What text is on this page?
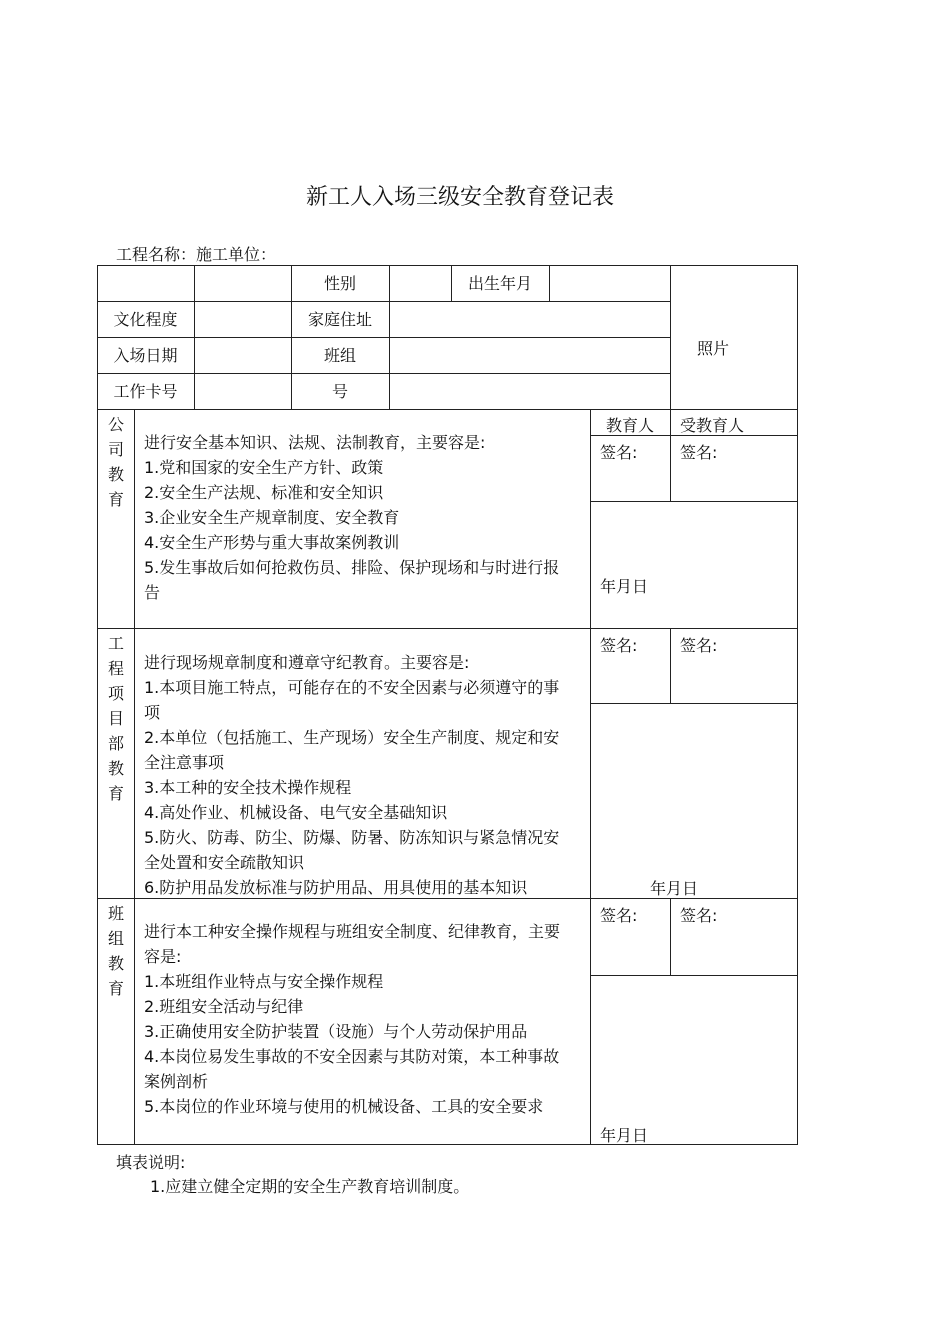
新工人入场三级安全教育登记表
工程名称：施工单位：
性别	出生年月
文化程度	家庭住址
入场日期	班组
工作卡号	号
照片
公
司
教
育
进行安全基本知识、法规、法制教育，主要容是:
1.党和国家的安全生产方针、政策
2.安全生产法规、标准和安全知识
3.企业安全生产规章制度、安全教育
4.安全生产形势与重大事故案例教训
5.发生事故后如何抢救伤员、排险、保护现场和与时进行报
告
教育人 受教育人
签名:	签名:
年月日
工
程
项
目
部
教
育
进行现场规章制度和遵章守纪教育。主要容是:
1.本项目施工特点，可能存在的不安全因素与必须遵守的事
项
2.本单位（包括施工、生产现场）安全生产制度、规定和安
全注意事项
3.本工种的安全技术操作规程
4.高处作业、机械设备、电气安全基础知识
5.防火、防毒、防尘、防爆、防暑、防冻知识与紧急情况安
全处置和安全疏散知识
6.防护用品发放标准与防护用品、用具使用的基本知识
签名:	签名:
年月日
班
组
教
育
进行本工种安全操作规程与班组安全制度、纪律教育，主要
容是:
1.本班组作业特点与安全操作规程
2.班组安全活动与纪律
3.正确使用安全防护装置（设施）与个人劳动保护用品
4.本岗位易发生事故的不安全因素与其防对策，本工种事故
案例剖析
5.本岗位的作业环境与使用的机械设备、工具的安全要求
签名:	签名:
年月日
填表说明:
1.应建立健全定期的安全生产教育培训制度。
